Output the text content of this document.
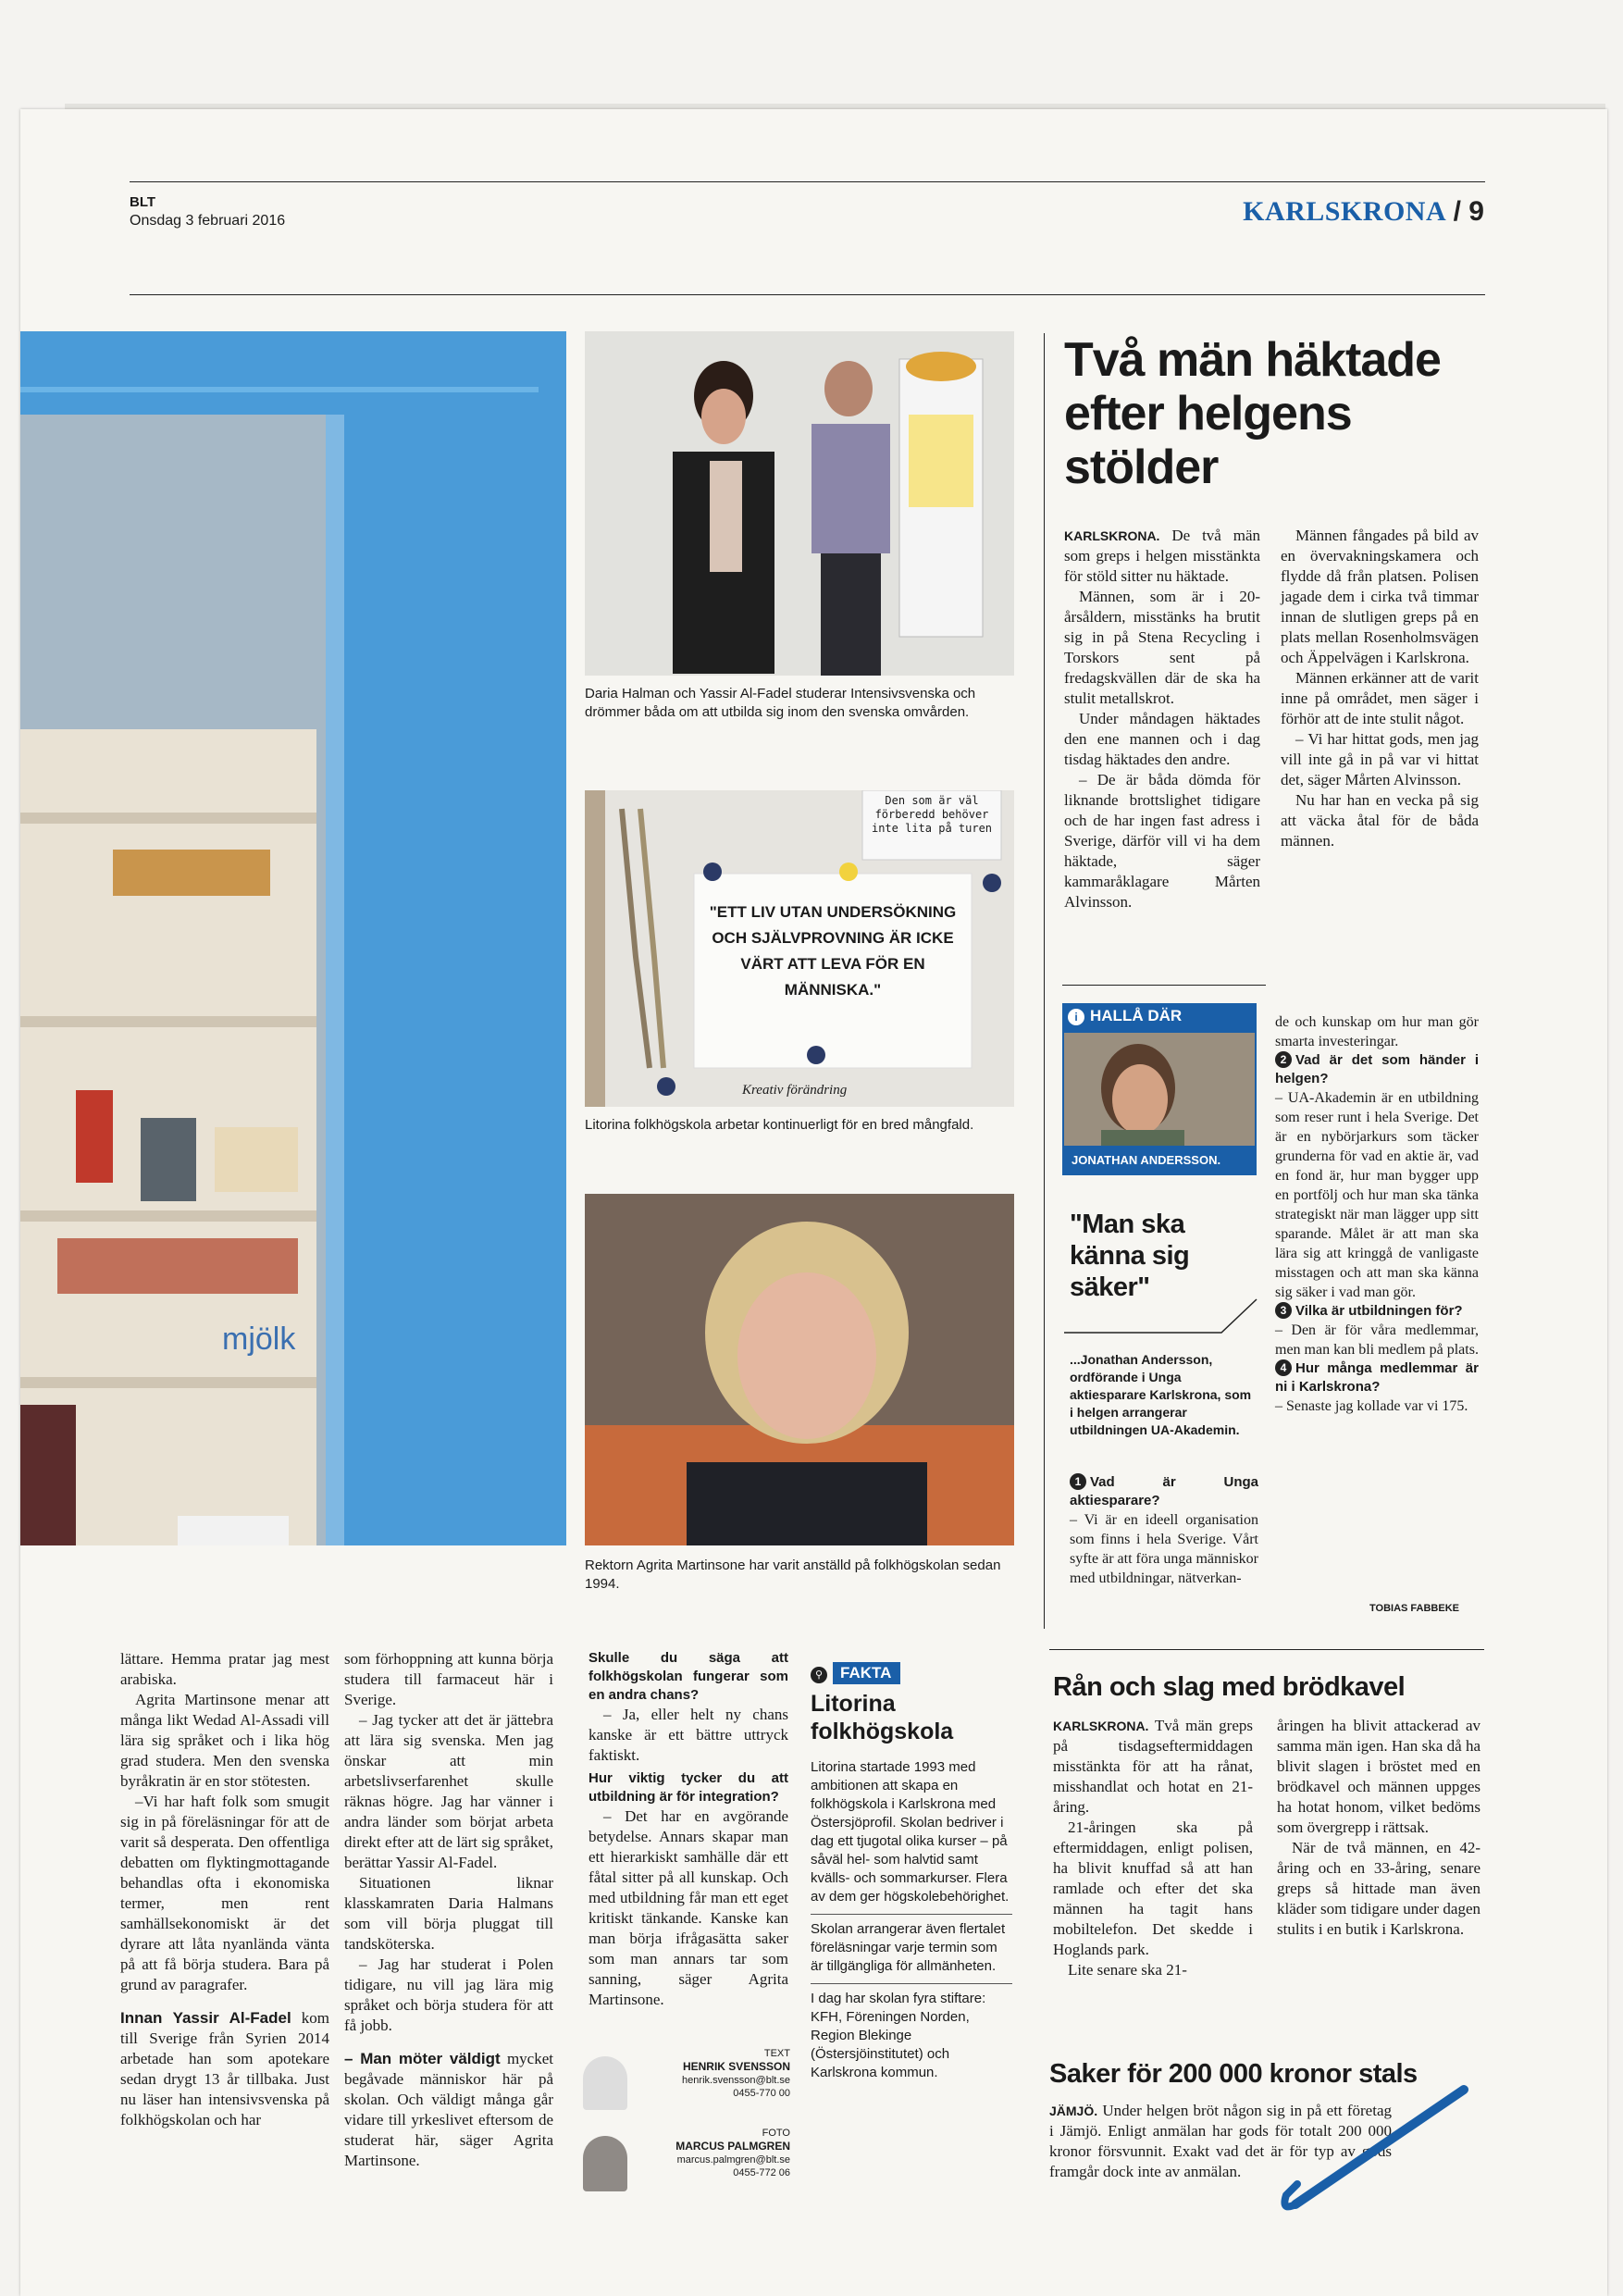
BLT
Onsdag 3 februari 2016	KARLSKRONA / 9
mjölk
Daria Halman och Yassir Al-Fadel studerar Intensivsvenska och drömmer båda om att utbilda sig inom den svenska omvården.
Den som är väl förberedd behöver inte lita på turen
"ETT LIV UTAN UNDERSÖKNING OCH SJÄLVPROVNING ÄR ICKE VÄRT ATT LEVA FÖR EN MÄNNISKA."
Kreativ förändring
Litorina folkhögskola arbetar kontinuerligt för en bred mångfald.
Rektorn Agrita Martinsone har varit anställd på folkhögskolan sedan 1994.

lättare. Hemma pratar jag mest arabiska.

Agrita Martinsone menar att många likt Wedad Al-Assadi vill lära sig språket och i lika hög grad studera. Men den svenska byråkratin är en stor stötesten.

–Vi har haft folk som smugit sig in på föreläsningar för att de varit så desperata. Den offentliga debatten om flyktingmottagande behandlas ofta i ekonomiska termer, men rent samhällsekonomiskt är det dyrare att låta nyanlända vänta på att få börja studera. Bara på grund av paragrafer.

Innan Yassir Al-Fadel kom till Sverige från Syrien 2014 arbetade han som apotekare sedan drygt 13 år tillbaka. Just nu läser han intensivsvenska på folkhögskolan och har

som förhoppning att kunna börja studera till farmaceut här i Sverige.

– Jag tycker att det är jättebra att lära sig svenska. Men jag önskar att min arbetslivserfarenhet skulle räknas högre. Jag har vänner i andra länder som börjat arbeta direkt efter att de lärt sig språket, berättar Yassir Al-Fadel.

Situationen liknar klasskamraten Daria Halmans som vill börja pluggat till tandsköterska.

– Jag har studerat i Polen tidigare, nu vill jag lära mig språket och börja studera för att få jobb.

– Man möter väldigt mycket begåvade människor här på skolan. Och väldigt många går vidare till yrkeslivet eftersom de studerat här, säger Agrita Martinsone.

Skulle du säga att folkhögskolan fungerar som en andra chans?

– Ja, eller helt ny chans kanske är ett bättre uttryck faktiskt.

Hur viktig tycker du att utbildning är för integration?

– Det har en avgörande betydelse. Annars skapar man ett hierarkiskt samhälle där ett fåtal sitter på all kunskap. Och med utbildning får man ett eget kritiskt tänkande. Kanske kan man börja ifrågasätta saker som man annars tar som sanning, säger Agrita Martinsone.

TEXT
HENRIK SVENSSON
henrik.svensson@blt.se
0455-770 00
FOTO
MARCUS PALMGREN
marcus.palmgren@blt.se
0455-772 06
⚲ FAKTA
Litorina folkhögskola
Litorina startade 1993 med ambitionen att skapa en folkhögskola i Karlskrona med Östersjöprofil. Skolan bedriver i dag ett tjugotal olika kurser – på såväl hel- som halvtid samt kvälls- och sommarkurser. Flera av dem ger högskolebehörighet.
Skolan arrangerar även flertalet föreläsningar varje termin som är tillgängliga för allmänheten.
I dag har skolan fyra stiftare: KFH, Föreningen Norden, Region Blekinge (Östersjöinstitutet) och Karlskrona kommun.
Två män häktade efter helgens stölder

KARLSKRONA. De två män som greps i helgen misstänkta för stöld sitter nu häktade.

Männen, som är i 20-årsåldern, misstänks ha brutit sig in på Stena Recycling i Torskors sent på fredagskvällen där de ska ha stulit metallskrot.

Under måndagen häktades den ene mannen och i dag tisdag häktades den andre.

– De är båda dömda för liknande brottslighet tidigare och de har ingen fast adress i Sverige, därför vill vi ha dem häktade, säger kammaråklagare Mårten Alvinsson.

Männen fångades på bild av en övervakningskamera och flydde då från platsen. Polisen jagade dem i cirka två timmar innan de slutligen greps på en plats mellan Rosenholmsvägen och Äppelvägen i Karlskrona.

Männen erkänner att de varit inne på området, men säger i förhör att de inte stulit något.

– Vi har hittat gods, men jag vill inte gå in på var vi hittat det, säger Mårten Alvinsson.

Nu har han en vecka på sig att väcka åtal för de båda männen.

i HALLÅ DÄR
JONATHAN ANDERSSON.
"Man ska känna sig säker"
...Jonathan Andersson, ordförande i Unga aktiesparare Karlskrona, som i helgen arrangerar utbildningen UA-Akademin.

1 Vad är Unga aktiesparare?

– Vi är en ideell organisation som finns i hela Sverige. Vårt syfte är att föra unga människor med utbildningar, nätverkan-

de och kunskap om hur man gör smarta investeringar.

2 Vad är det som händer i helgen?

– UA-Akademin är en utbildning som reser runt i hela Sverige. Det är en nybörjarkurs som täcker grunderna för vad en aktie är, vad en fond är, hur man bygger upp en portfölj och hur man ska tänka strategiskt när man lägger upp sitt sparande. Målet är att man ska lära sig att kringgå de vanligaste misstagen och att man ska känna sig säker i vad man gör.

3 Vilka är utbildningen för?

– Den är för våra medlemmar, men man kan bli medlem på plats.

4 Hur många medlemmar är ni i Karlskrona?

– Senaste jag kollade var vi 175.

TOBIAS FABBEKE
Rån och slag med brödkavel

KARLSKRONA. Två män greps på tisdagseftermiddagen misstänkta för att ha rånat, misshandlat och hotat en 21-åring.

21-åringen ska på eftermiddagen, enligt polisen, ha blivit knuffad så att han ramlade och efter det ska männen ha tagit hans mobiltelefon. Det skedde i Hoglands park.

Lite senare ska 21-

åringen ha blivit attackerad av samma män igen. Han ska då ha blivit slagen i bröstet med en brödkavel och männen uppges ha hotat honom, vilket bedöms som övergrepp i rättsak.

När de två männen, en 42-åring och en 33-åring, senare greps så hittade man även kläder som tidigare under dagen stulits i en butik i Karlskrona.

Saker för 200 000 kronor stals

JÄMJÖ. Under helgen bröt någon sig in på ett företag i Jämjö. Enligt anmälan har gods för totalt 200 000 kronor försvunnit. Exakt vad det är för typ av gods framgår dock inte av anmälan.
